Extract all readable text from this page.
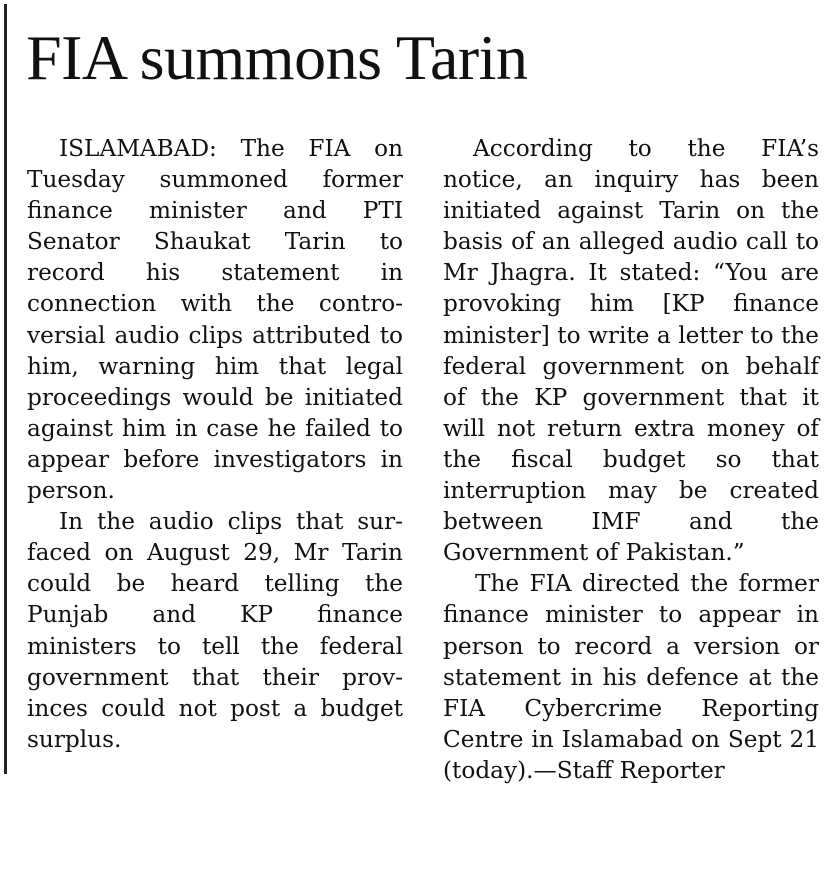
FIA summons Tarin

ISLAMABAD: The FIA on Tuesday summoned former finance minister and PTI Senator Shaukat Tarin to record his statement in connection with the controversial audio clips attributed to him, warning him that legal proceedings would be initiated against him in case he failed to appear before investigators in person.

In the audio clips that surfaced on August 29, Mr Tarin could be heard telling the Punjab and KP finance ministers to tell the federal government that their provinces could not post a budget surplus.

According to the FIA’s notice, an inquiry has been initiated against Tarin on the basis of an alleged audio call to Mr Jhagra. It stated: “You are provoking him [KP finance minister] to write a letter to the federal government on behalf of the KP government that it will not return extra money of the fiscal budget so that interruption may be created between IMF and the Government of Pakistan.”

The FIA directed the former finance minister to appear in person to record a version or statement in his defence at the FIA Cybercrime Reporting Centre in Islamabad on Sept 21 (today).—Staff Reporter
